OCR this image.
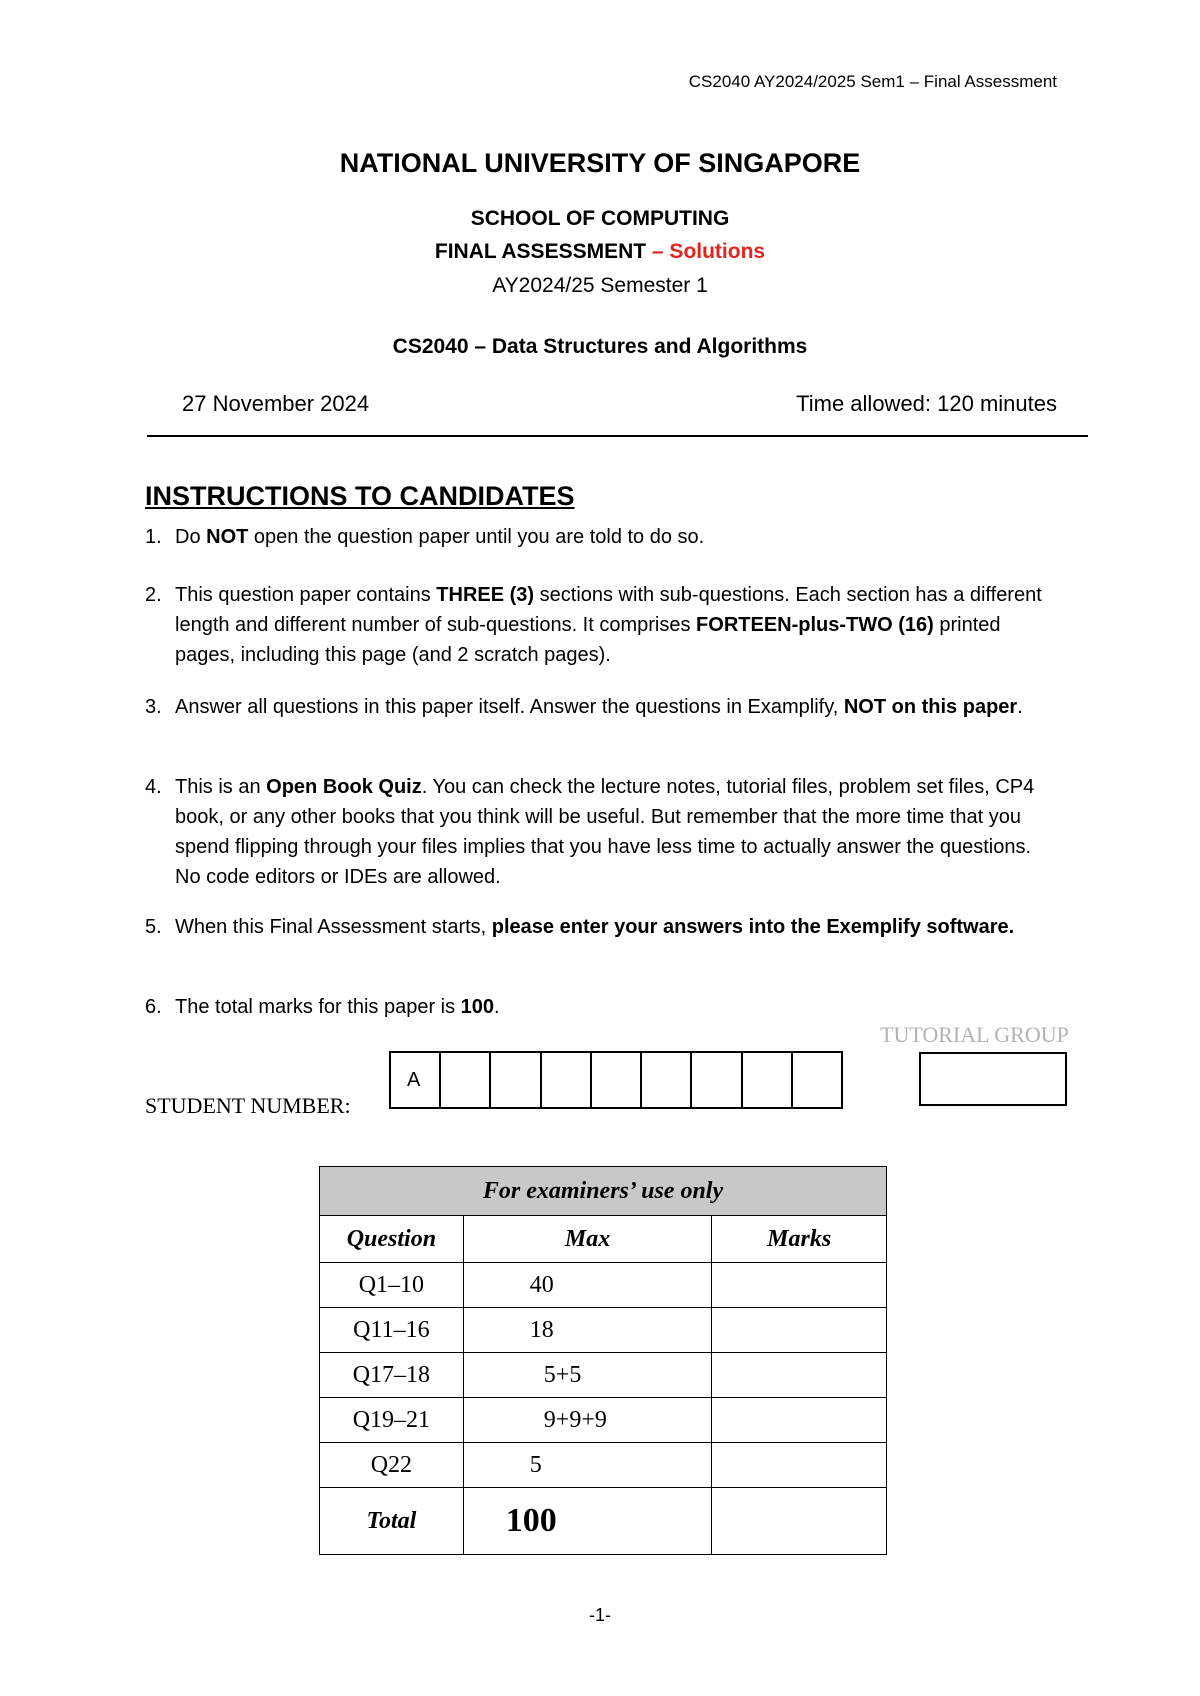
CS2040 AY2024/2025 Sem1 – Final Assessment
NATIONAL UNIVERSITY OF SINGAPORE
SCHOOL OF COMPUTING
FINAL ASSESSMENT – Solutions
AY2024/25 Semester 1
CS2040 – Data Structures and Algorithms
27 November 2024	Time allowed: 120 minutes
INSTRUCTIONS TO CANDIDATES
1. Do NOT open the question paper until you are told to do so.
2. This question paper contains THREE (3) sections with sub-questions. Each section has a different length and different number of sub-questions. It comprises FORTEEN-plus-TWO (16) printed pages, including this page (and 2 scratch pages).
3. Answer all questions in this paper itself. Answer the questions in Examplify, NOT on this paper.
4. This is an Open Book Quiz. You can check the lecture notes, tutorial files, problem set files, CP4 book, or any other books that you think will be useful. But remember that the more time that you spend flipping through your files implies that you have less time to actually answer the questions. No code editors or IDEs are allowed.
5. When this Final Assessment starts, please enter your answers into the Exemplify software.
6. The total marks for this paper is 100.
TUTORIAL GROUP
STUDENT NUMBER:
A
For examiners’ use only		
Question	Max	Marks
Q1–10	40	
Q11–16	18	
Q17–18	5+5	
Q19–21	9+9+9	
Q22	5	
Total	100	
-1-
